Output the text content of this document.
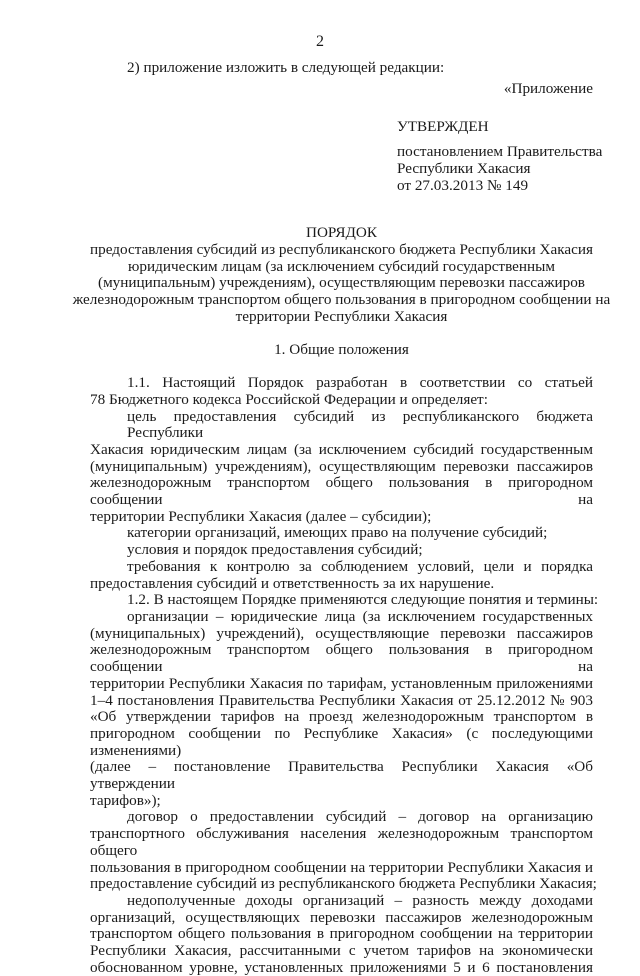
2
2) приложение изложить в следующей редакции:
«Приложение
УТВЕРЖДЕН
постановлением Правительства
Республики Хакасия
от 27.03.2013 № 149
ПОРЯДОК
предоставления субсидий из республиканского бюджета Республики Хакасия
юридическим лицам (за исключением субсидий государственным
(муниципальным) учреждениям), осуществляющим перевозки пассажиров
железнодорожным транспортом общего пользования в пригородном сообщении на
территории Республики Хакасия
1. Общие положения
1.1. Настоящий Порядок разработан в соответствии со статьей
78 Бюджетного кодекса Российской Федерации и определяет:
цель предоставления субсидий из республиканского бюджета Республики
Хакасия юридическим лицам (за исключением субсидий государственным
(муниципальным) учреждениям), осуществляющим перевозки пассажиров
железнодорожным транспортом общего пользования в пригородном сообщении на
территории Республики Хакасия (далее – субсидии);
категории организаций, имеющих право на получение субсидий;
условия и порядок предоставления субсидий;
требования к контролю за соблюдением условий, цели и порядка
предоставления субсидий и ответственность за их нарушение.
1.2. В настоящем Порядке применяются следующие понятия и термины:
организации – юридические лица (за исключением государственных
(муниципальных) учреждений), осуществляющие перевозки пассажиров
железнодорожным транспортом общего пользования в пригородном сообщении на
территории Республики Хакасия по тарифам, установленным приложениями
1–4 постановления Правительства Республики Хакасия от 25.12.2012 № 903
«Об утверждении тарифов на проезд железнодорожным транспортом в
пригородном сообщении по Республике Хакасия» (с последующими изменениями)
(далее – постановление Правительства Республики Хакасия «Об утверждении
тарифов»);
договор о предоставлении субсидий – договор на организацию
транспортного обслуживания населения железнодорожным транспортом общего
пользования в пригородном сообщении на территории Республики Хакасия и
предоставление субсидий из республиканского бюджета Республики Хакасия;
недополученные доходы организаций – разность между доходами
организаций, осуществляющих перевозки пассажиров железнодорожным
транспортом общего пользования в пригородном сообщении на территории
Республики Хакасия, рассчитанными с учетом тарифов на экономически
обоснованном уровне, установленных приложениями 5 и 6 постановления
